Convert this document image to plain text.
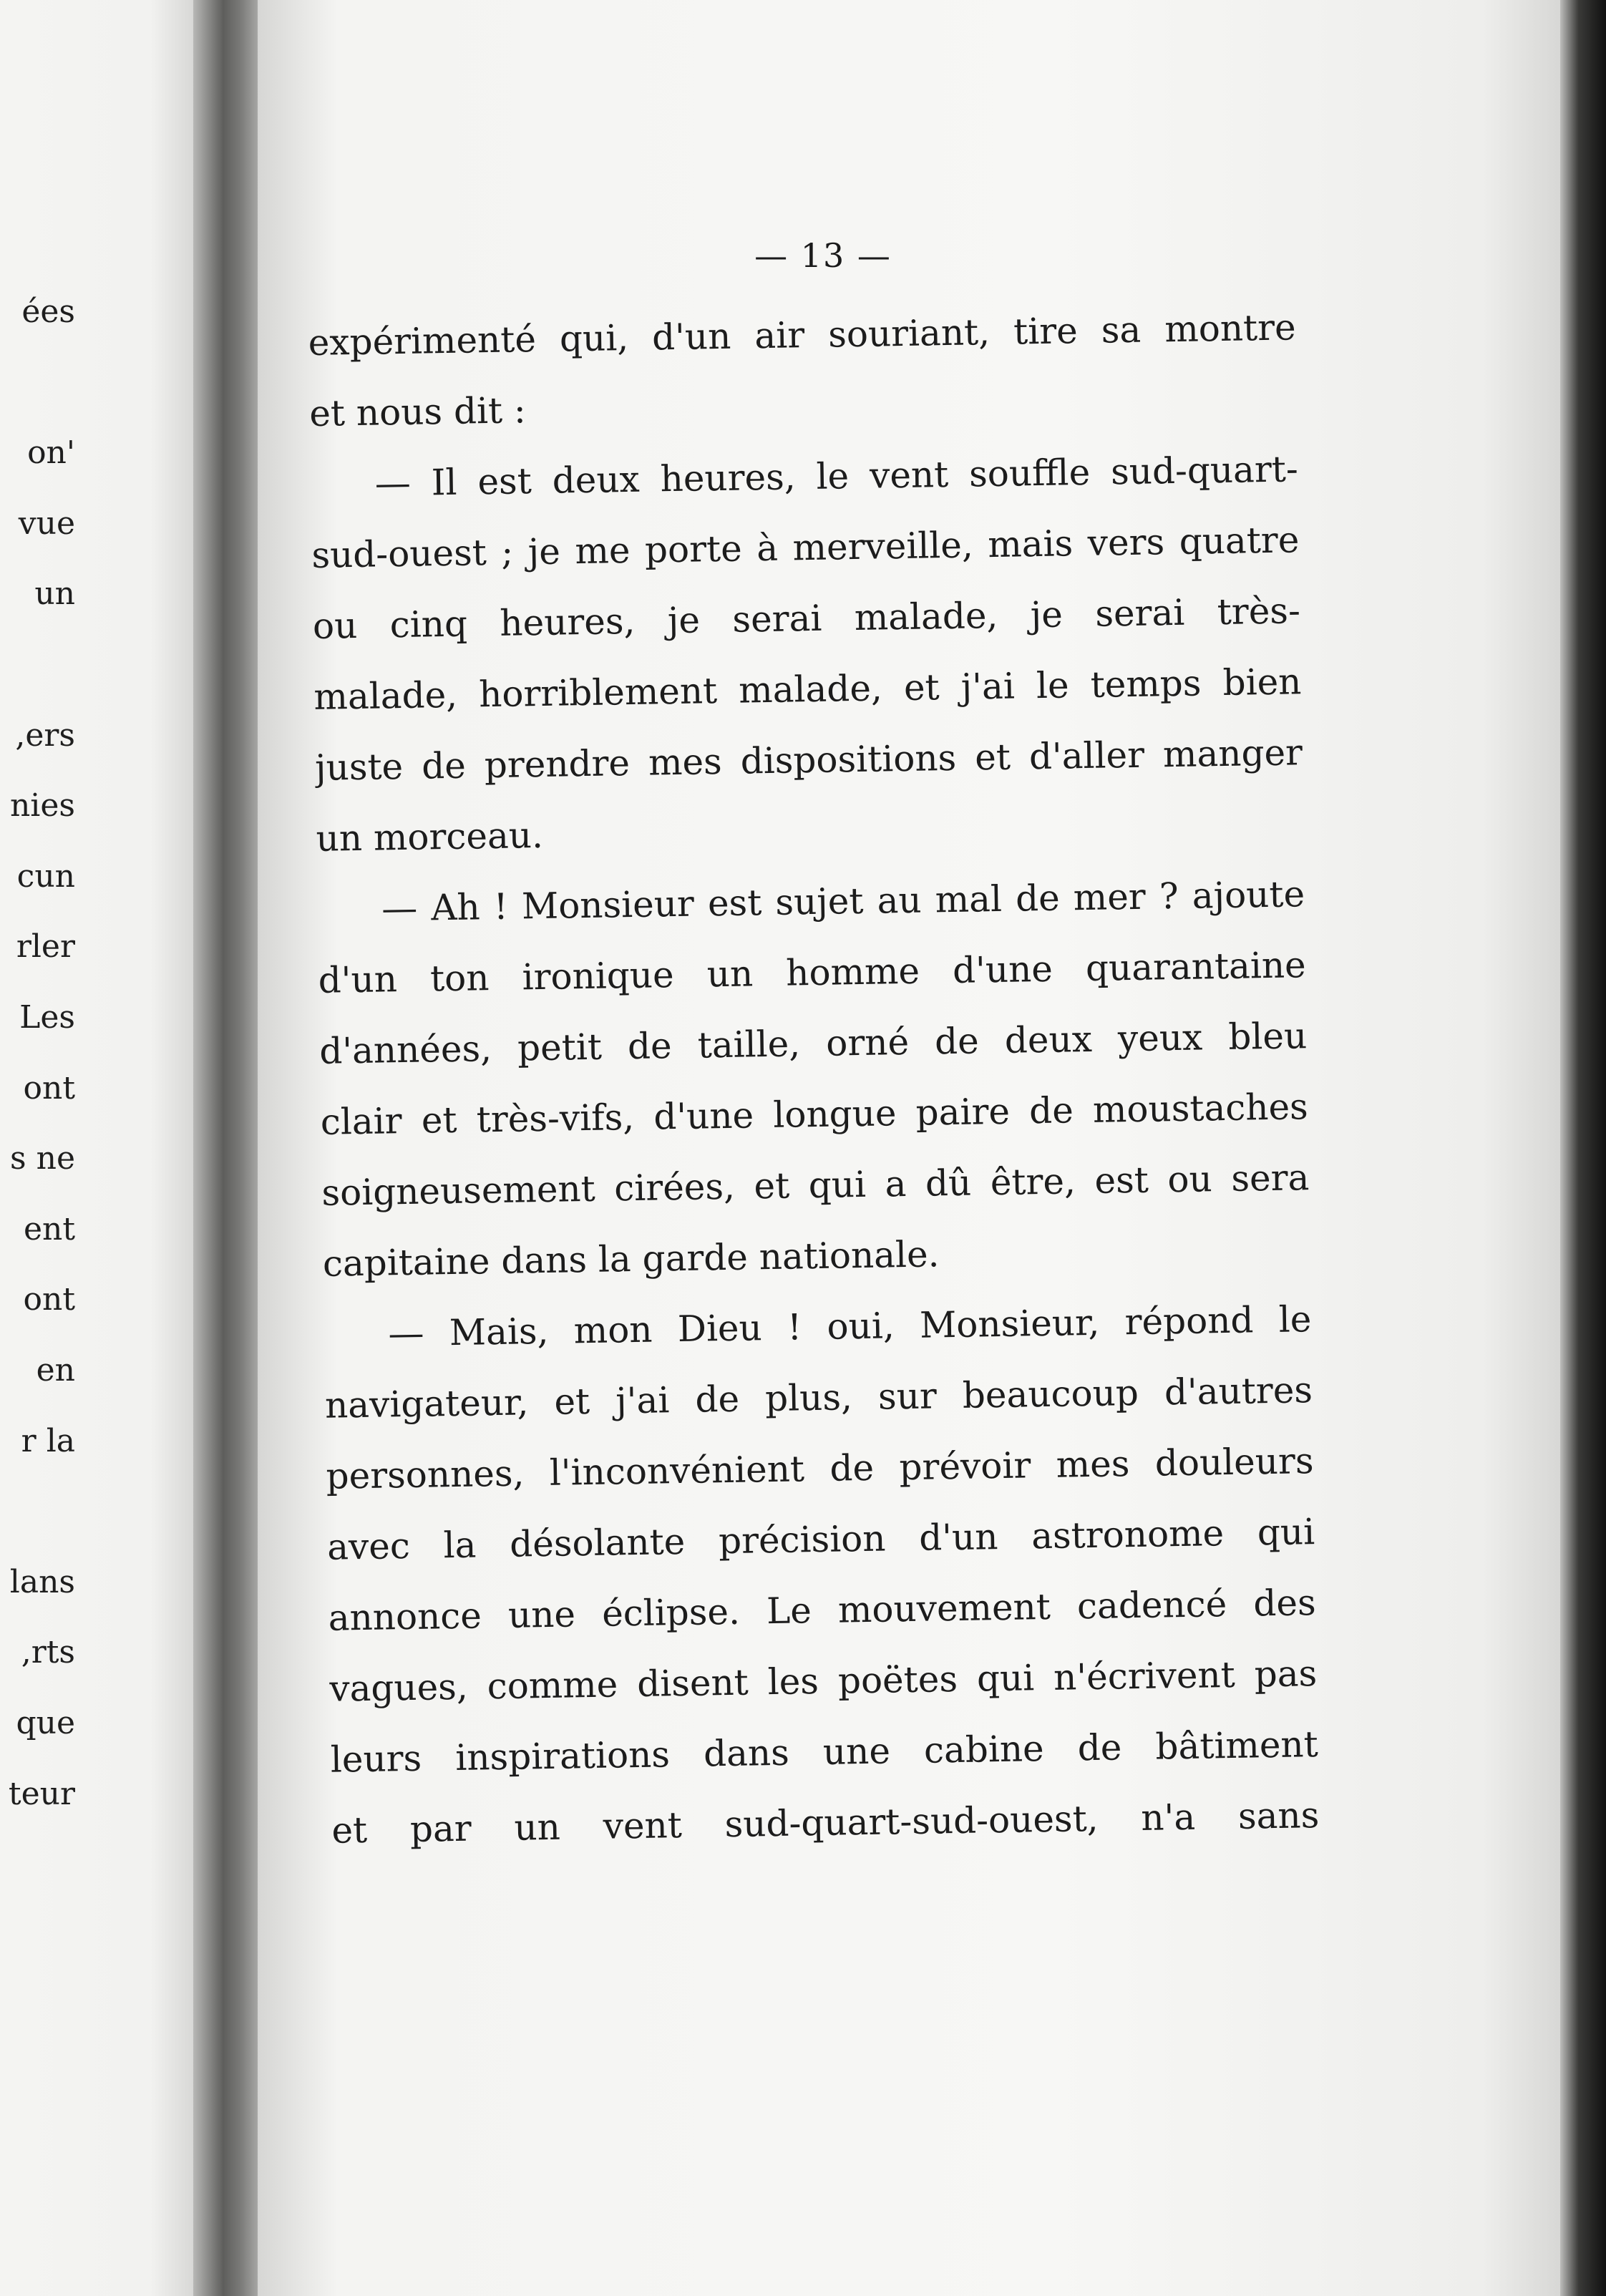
ées
'on
vue
un
ers,
nies
cun
rler
Les
ont
s ne
ent
ont
en
r la
lans
rts,
que
teur
— 13 —
expérimenté qui, d'un air souriant, tire sa montre
et nous dit :
— Il est deux heures, le vent souffle sud-quart-
sud-ouest ; je me porte à merveille, mais vers quatre
ou cinq heures, je serai malade, je serai très-
malade, horriblement malade, et j'ai le temps bien
juste de prendre mes dispositions et d'aller manger
un morceau.
— Ah ! Monsieur est sujet au mal de mer ? ajoute
d'un ton ironique un homme d'une quarantaine
d'années, petit de taille, orné de deux yeux bleu
clair et très-vifs, d'une longue paire de moustaches
soigneusement cirées, et qui a dû être, est ou sera
capitaine dans la garde nationale.
— Mais, mon Dieu ! oui, Monsieur, répond le
navigateur, et j'ai de plus, sur beaucoup d'autres
personnes, l'inconvénient de prévoir mes douleurs
avec la désolante précision d'un astronome qui
annonce une éclipse. Le mouvement cadencé des
vagues, comme disent les poëtes qui n'écrivent pas
leurs inspirations dans une cabine de bâtiment
et par un vent sud-quart-sud-ouest, n'a sans
